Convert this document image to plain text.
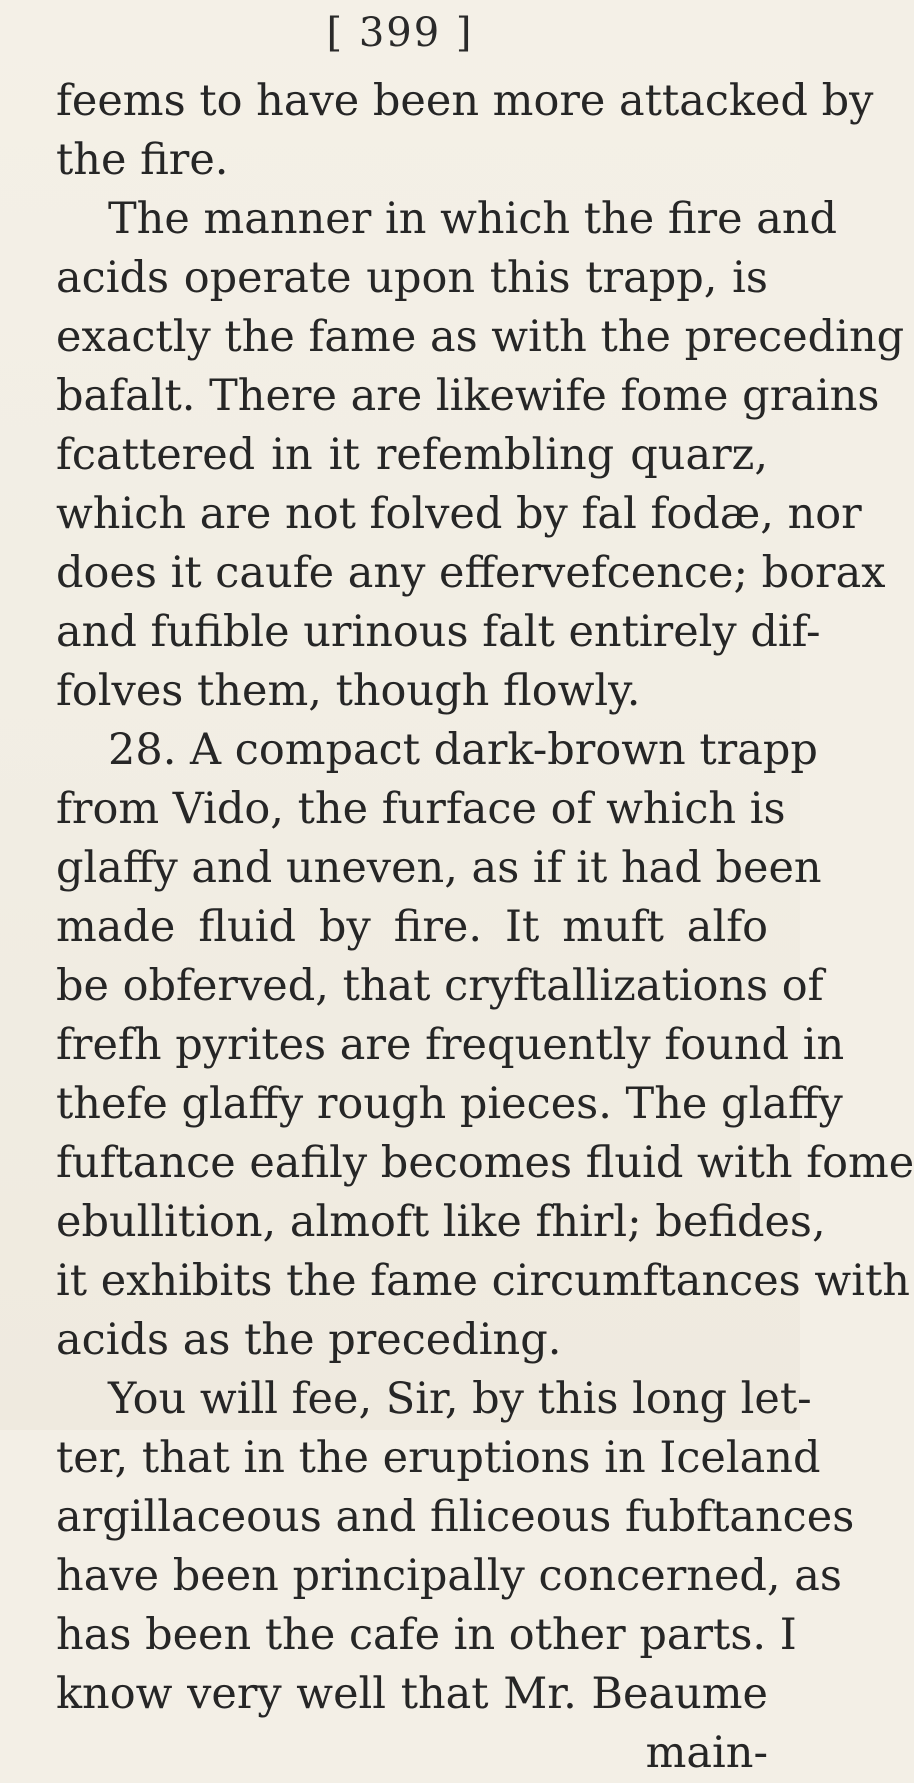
[ 399 ]
feems to have been more attacked by
the fire.
The manner in which the fire and
acids operate upon this trapp, is
exactly the fame as with the preceding
bafalt. There are likewife fome grains
fcattered in it refembling quarz,
which are not folved by fal fodæ, nor
does it caufe any effervefcence; borax
and fufible urinous falt entirely dif-
folves them, though flowly.
28. A compact dark-brown trapp
from Vido, the furface of which is
glaffy and uneven, as if it had been
made fluid by fire. It muft alfo
be obferved, that cryftallizations of
frefh pyrites are frequently found in
thefe glaffy rough pieces. The glaffy
fuftance eafily becomes fluid with fome
ebullition, almoft like fhirl; befides,
it exhibits the fame circumftances with
acids as the preceding.
You will fee, Sir, by this long let-
ter, that in the eruptions in Iceland
argillaceous and filiceous fubftances
have been principally concerned, as
has been the cafe in other parts. I
know very well that Mr. Beaume
main-
